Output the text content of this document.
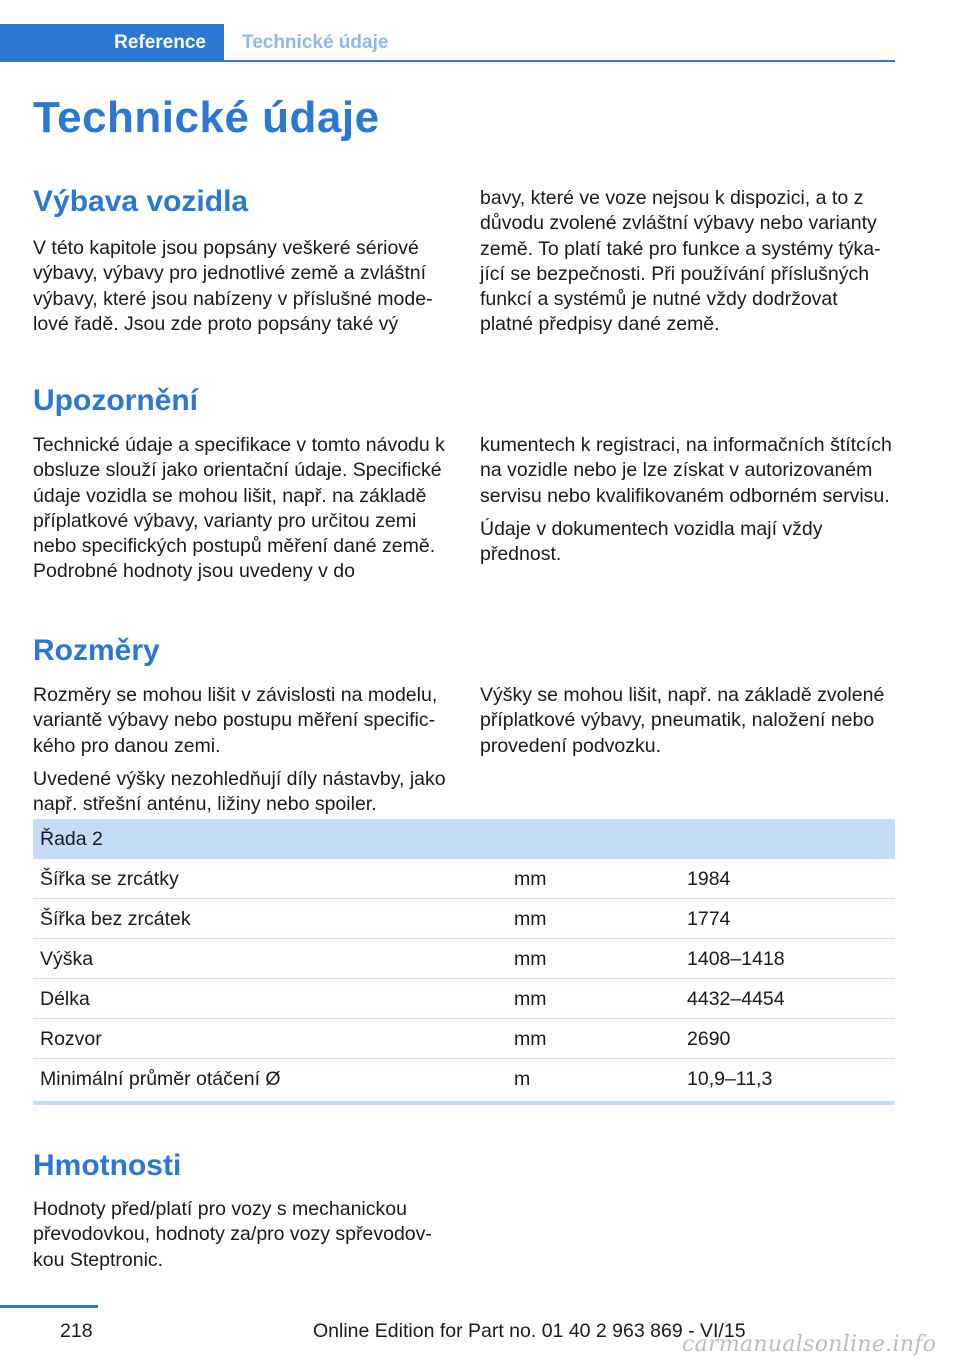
Reference	Technické údaje
Technické údaje
Výbava vozidla

V této kapitole jsou popsány veškeré sériové výbavy, výbavy pro jednotlivé země a zvláštní výbavy, které jsou nabízeny v příslušné modelové řadě. Jsou zde proto popsány také vý

bavy, které ve voze nejsou k dispozici, a to z důvodu zvolené zvláštní výbavy nebo varianty země. To platí také pro funkce a systémy týkající se bezpečnosti. Při používání příslušných funkcí a systémů je nutné vždy dodržovat platné předpisy dané země.

Upozornění

Technické údaje a specifikace v tomto návodu k obsluze slouží jako orientační údaje. Specifické údaje vozidla se mohou lišit, např. na základě příplatkové výbavy, varianty pro určitou zemi nebo specifických postupů měření dané země. Podrobné hodnoty jsou uvedeny v do

kumentech k registraci, na informačních štítcích na vozidle nebo je lze získat v autorizovaném servisu nebo kvalifikovaném odborném servisu.

Údaje v dokumentech vozidla mají vždy přednost.

Rozměry

Rozměry se mohou lišit v závislosti na modelu, variantě výbavy nebo postupu měření specifického pro danou zemi.

Uvedené výšky nezohledňují díly nástavby, jako např. střešní anténu, ližiny nebo spoiler.

Výšky se mohou lišit, např. na základě zvolené příplatkové výbavy, pneumatik, naložení nebo provedení podvozku.

Řada 2
Šířka se zrcátky	mm	1984
Šířka bez zrcátek	mm	1774
Výška	mm	1408–1418
Délka	mm	4432–4454
Rozvor	mm	2690
Minimální průměr otáčení Ø	m	10,9–11,3
Hmotnosti

Hodnoty před/platí pro vozy s mechanickou převodovkou, hodnoty za/pro vozy spřevodovkou Steptronic.

218	Online Edition for Part no. 01 40 2 963 869 - VI/15
carmanualsonline.info
